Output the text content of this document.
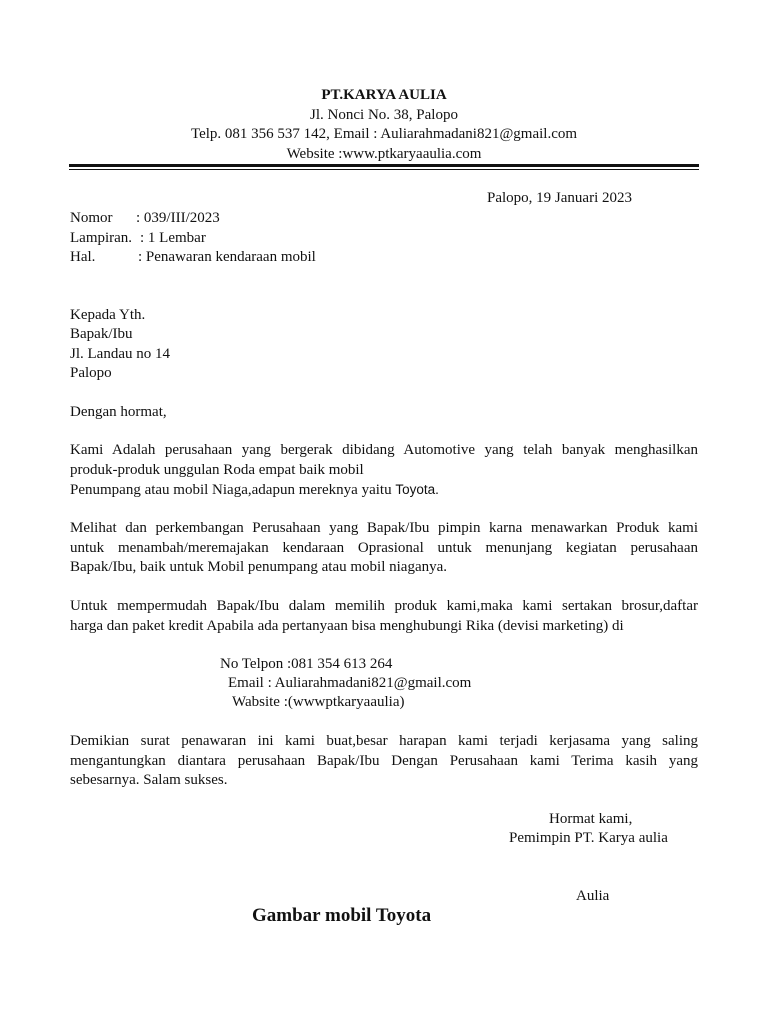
PT.KARYA AULIA
Jl. Nonci No. 38, Palopo
Telp. 081 356 537 142, Email : Auliarahmadani821@gmail.com
Website :www.ptkaryaaulia.com
Palopo, 19 Januari 2023
Nomor : 039/III/2023
Lampiran. : 1 Lembar
Hal.	: Penawaran kendaraan mobil
Kepada Yth.
Bapak/Ibu
Jl. Landau no 14
Palopo
Dengan hormat,
Kami Adalah perusahaan yang bergerak dibidang Automotive yang telah banyak menghasilkan
produk-produk unggulan Roda empat baik mobil
Penumpang atau mobil Niaga,adapun mereknya yaitu Toyota.
Melihat dan perkembangan Perusahaan yang Bapak/Ibu pimpin karna menawarkan Produk kami
untuk menambah/meremajakan kendaraan Oprasional untuk menunjang kegiatan perusahaan
Bapak/Ibu, baik untuk Mobil penumpang atau mobil niaganya.
Untuk mempermudah Bapak/Ibu dalam memilih produk kami,maka kami sertakan brosur,daftar
harga dan paket kredit Apabila ada pertanyaan bisa menghubungi Rika (devisi marketing) di
No Telpon :081 354 613 264
Email : Auliarahmadani821@gmail.com
Wabsite :(wwwptkaryaaulia)
Demikian surat penawaran ini kami buat,besar harapan kami terjadi kerjasama yang saling
mengantungkan diantara perusahaan Bapak/Ibu Dengan Perusahaan kami Terima kasih yang
sebesarnya. Salam sukses.
Hormat kami,
Pemimpin PT. Karya aulia
Aulia
Gambar mobil Toyota
